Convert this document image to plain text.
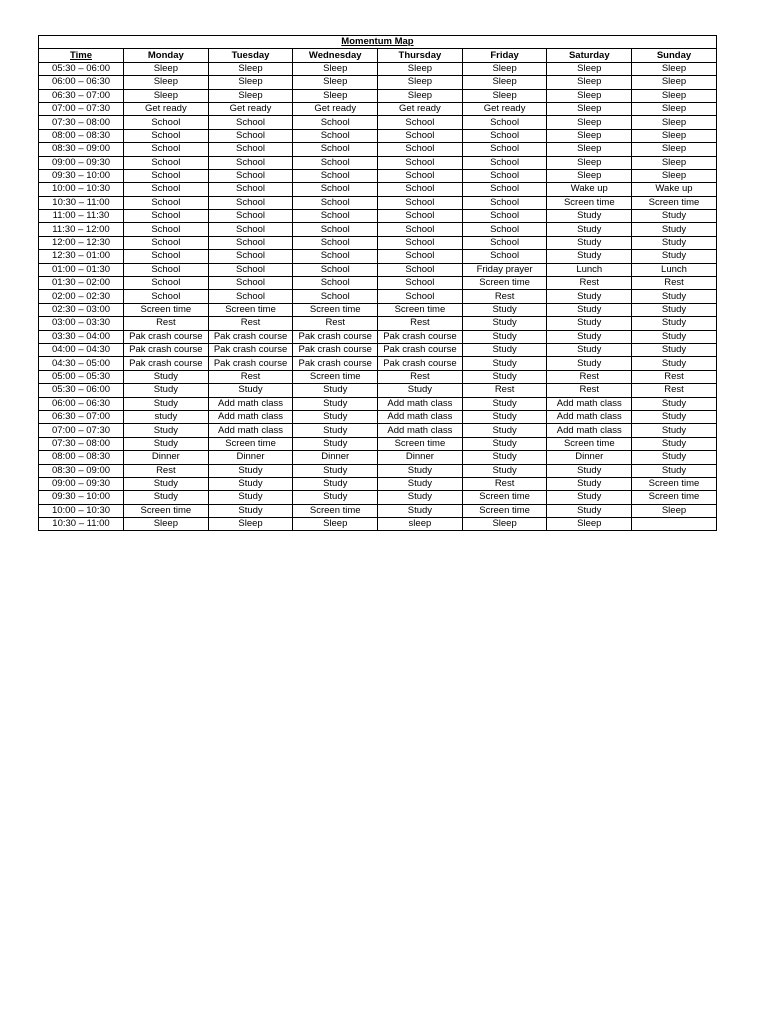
Momentum Map							
Time	Monday	Tuesday	Wednesday	Thursday	Friday	Saturday	Sunday
05:30 – 06:00	Sleep	Sleep	Sleep	Sleep	Sleep	Sleep	Sleep
06:00 – 06:30	Sleep	Sleep	Sleep	Sleep	Sleep	Sleep	Sleep
06:30 – 07:00	Sleep	Sleep	Sleep	Sleep	Sleep	Sleep	Sleep
07:00 – 07:30	Get ready	Get ready	Get ready	Get ready	Get ready	Sleep	Sleep
07:30 – 08:00	School	School	School	School	School	Sleep	Sleep
08:00 – 08:30	School	School	School	School	School	Sleep	Sleep
08:30 – 09:00	School	School	School	School	School	Sleep	Sleep
09:00 – 09:30	School	School	School	School	School	Sleep	Sleep
09:30 – 10:00	School	School	School	School	School	Sleep	Sleep
10:00 – 10:30	School	School	School	School	School	Wake up	Wake up
10:30 – 11:00	School	School	School	School	School	Screen time	Screen time
11:00 – 11:30	School	School	School	School	School	Study	Study
11:30 – 12:00	School	School	School	School	School	Study	Study
12:00 – 12:30	School	School	School	School	School	Study	Study
12:30 – 01:00	School	School	School	School	School	Study	Study
01:00 – 01:30	School	School	School	School	Friday prayer	Lunch	Lunch
01:30 – 02:00	School	School	School	School	Screen time	Rest	Rest
02:00 – 02:30	School	School	School	School	Rest	Study	Study
02:30 – 03:00	Screen time	Screen time	Screen time	Screen time	Study	Study	Study
03:00 – 03:30	Rest	Rest	Rest	Rest	Study	Study	Study
03:30 – 04:00	Pak crash course	Pak crash course	Pak crash course	Pak crash course	Study	Study	Study
04:00 – 04:30	Pak crash course	Pak crash course	Pak crash course	Pak crash course	Study	Study	Study
04:30 – 05:00	Pak crash course	Pak crash course	Pak crash course	Pak crash course	Study	Study	Study
05:00 – 05:30	Study	Rest	Screen time	Rest	Study	Rest	Rest
05:30 – 06:00	Study	Study	Study	Study	Rest	Rest	Rest
06:00 – 06:30	Study	Add math class	Study	Add math class	Study	Add math class	Study
06:30 – 07:00	study	Add math class	Study	Add math class	Study	Add math class	Study
07:00 – 07:30	Study	Add math class	Study	Add math class	Study	Add math class	Study
07:30 – 08:00	Study	Screen time	Study	Screen time	Study	Screen time	Study
08:00 – 08:30	Dinner	Dinner	Dinner	Dinner	Study	Dinner	Study
08:30 – 09:00	Rest	Study	Study	Study	Study	Study	Study
09:00 – 09:30	Study	Study	Study	Study	Rest	Study	Screen time
09:30 – 10:00	Study	Study	Study	Study	Screen time	Study	Screen time
10:00 – 10:30	Screen time	Study	Screen time	Study	Screen time	Study	Sleep
10:30 – 11:00	Sleep	Sleep	Sleep	sleep	Sleep	Sleep	
